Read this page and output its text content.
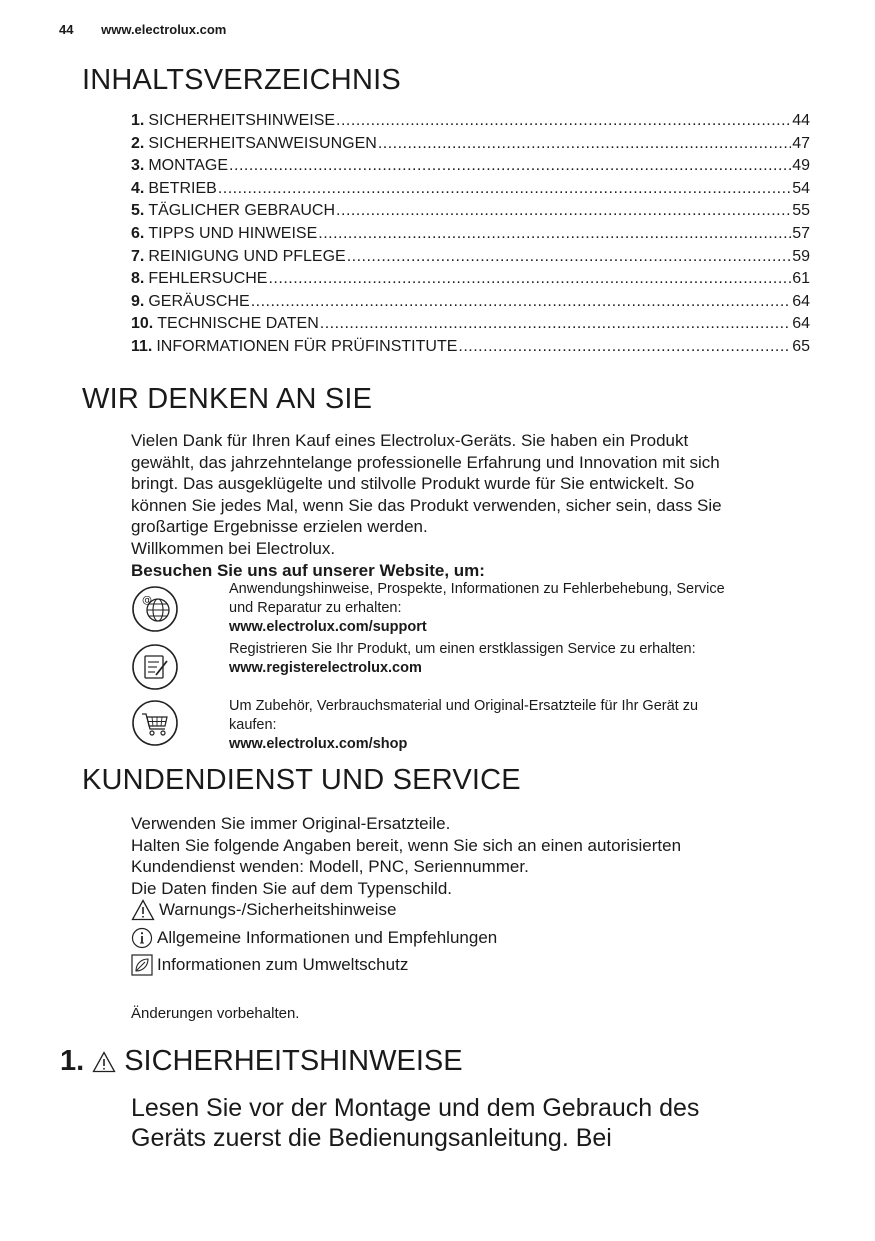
44 www.electrolux.com
INHALTSVERZEICHNIS
1. SICHERHEITSHINWEISE .....	44
2. SICHERHEITSANWEISUNGEN .....	47
3. MONTAGE .....	49
4. BETRIEB .....	54
5. TÄGLICHER GEBRAUCH .....	55
6. TIPPS UND HINWEISE .....	57
7. REINIGUNG UND PFLEGE .....	59
8. FEHLERSUCHE .....	61
9. GERÄUSCHE .....	64
10. TECHNISCHE DATEN .....	64
11. INFORMATIONEN FÜR PRÜFINSTITUTE .....	65
WIR DENKEN AN SIE

Vielen Dank für Ihren Kauf eines Electrolux-Geräts. Sie haben ein Produkt

gewählt, das jahrzehntelange professionelle Erfahrung und Innovation mit sich

bringt. Das ausgeklügelte und stilvolle Produkt wurde für Sie entwickelt. So

können Sie jedes Mal, wenn Sie das Produkt verwenden, sicher sein, dass Sie

großartige Ergebnisse erzielen werden.

Willkommen bei Electrolux.

Besuchen Sie uns auf unserer Website, um:

@

Anwendungshinweise, Prospekte, Informationen zu Fehlerbehebung, Service

und Reparatur zu erhalten:

www.electrolux.com/support

Registrieren Sie Ihr Produkt, um einen erstklassigen Service zu erhalten:

www.registerelectrolux.com

Um Zubehör, Verbrauchsmaterial und Original-Ersatzteile für Ihr Gerät zu

kaufen:

www.electrolux.com/shop

KUNDENDIENST UND SERVICE

Verwenden Sie immer Original-Ersatzteile.

Halten Sie folgende Angaben bereit, wenn Sie sich an einen autorisierten

Kundendienst wenden: Modell, PNC, Seriennummer.

Die Daten finden Sie auf dem Typenschild.

Warnungs-/Sicherheitshinweise
Allgemeine Informationen und Empfehlungen
Informationen zum Umweltschutz
Änderungen vorbehalten.
1. SICHERHEITSHINWEISE
Lesen Sie vor der Montage und dem Gebrauch des
Geräts zuerst die Bedienungsanleitung. Bei
